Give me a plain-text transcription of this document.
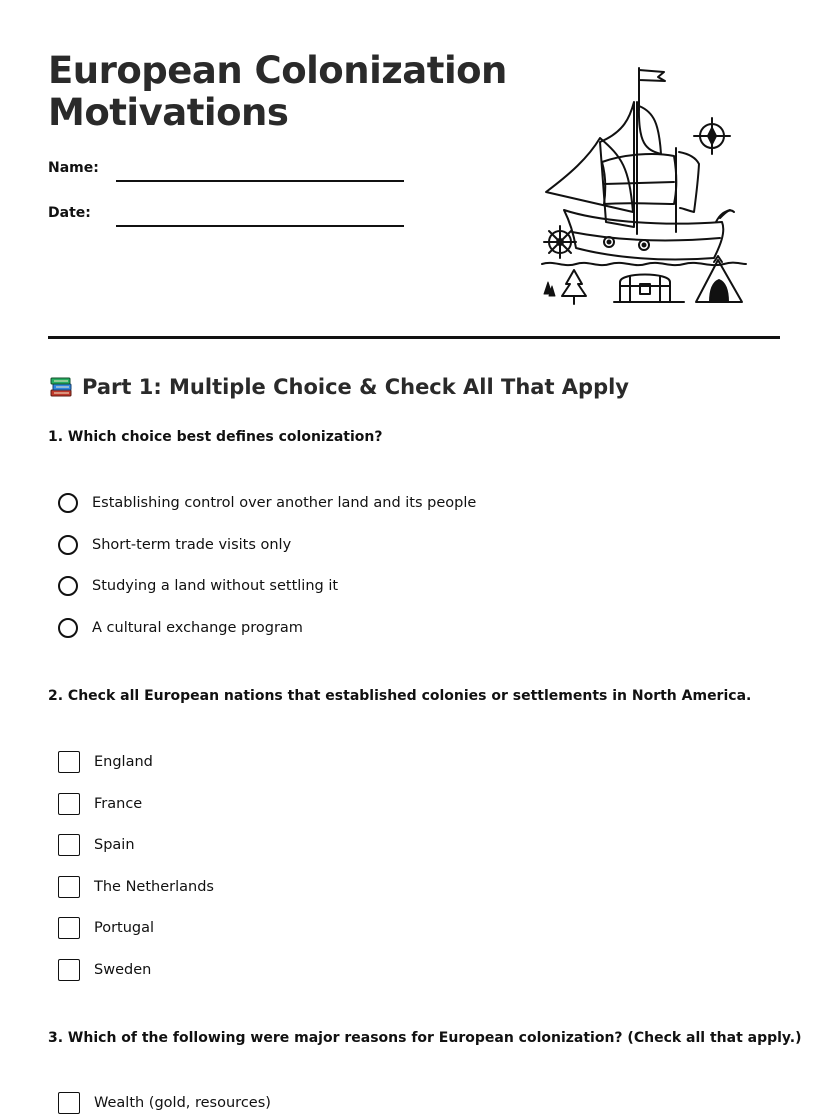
European Colonization
Motivations
Name:
Date:
Part 1: Multiple Choice & Check All That Apply

1. Which choice best defines colonization?

Establishing control over another land and its people
Short-term trade visits only
Studying a land without settling it
A cultural exchange program

2. Check all European nations that established colonies or settlements in North America.

England
France
Spain
The Netherlands
Portugal
Sweden

3. Which of the following were major reasons for European colonization? (Check all that apply.)

Wealth (gold, resources)
